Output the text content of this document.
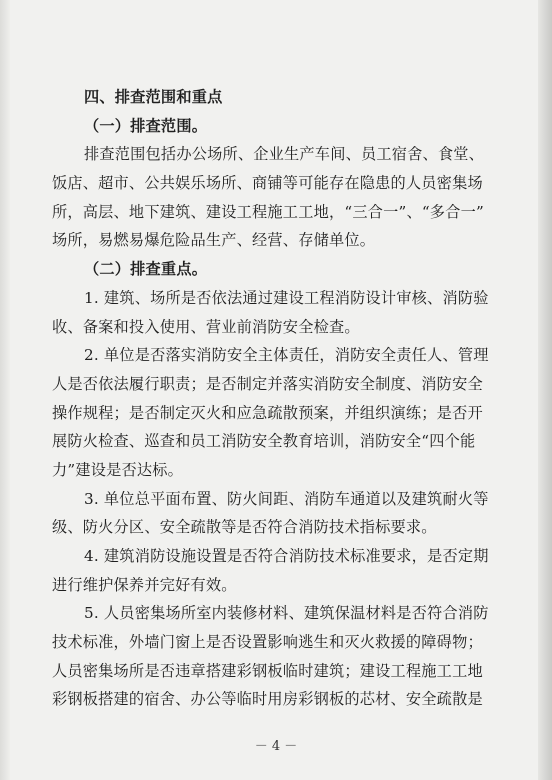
四、排查范围和重点
（一）排查范围。
排查范围包括办公场所、企业生产车间、员工宿舍、食堂、
饭店、超市、公共娱乐场所、商铺等可能存在隐患的人员密集场
所，高层、地下建筑、建设工程施工工地，“三合一”、“多合一”
场所，易燃易爆危险品生产、经营、存储单位。
（二）排查重点。
1. 建筑、场所是否依法通过建设工程消防设计审核、消防验
收、备案和投入使用、营业前消防安全检查。
2. 单位是否落实消防安全主体责任，消防安全责任人、管理
人是否依法履行职责；是否制定并落实消防安全制度、消防安全
操作规程；是否制定灭火和应急疏散预案，并组织演练；是否开
展防火检查、巡查和员工消防安全教育培训，消防安全“四个能
力”建设是否达标。
3. 单位总平面布置、防火间距、消防车通道以及建筑耐火等
级、防火分区、安全疏散等是否符合消防技术指标要求。
4. 建筑消防设施设置是否符合消防技术标准要求，是否定期
进行维护保养并完好有效。
5. 人员密集场所室内装修材料、建筑保温材料是否符合消防
技术标准，外墙门窗上是否设置影响逃生和灭火救援的障碍物；
人员密集场所是否违章搭建彩钢板临时建筑；建设工程施工工地
彩钢板搭建的宿舍、办公等临时用房彩钢板的芯材、安全疏散是
－ 4 －
